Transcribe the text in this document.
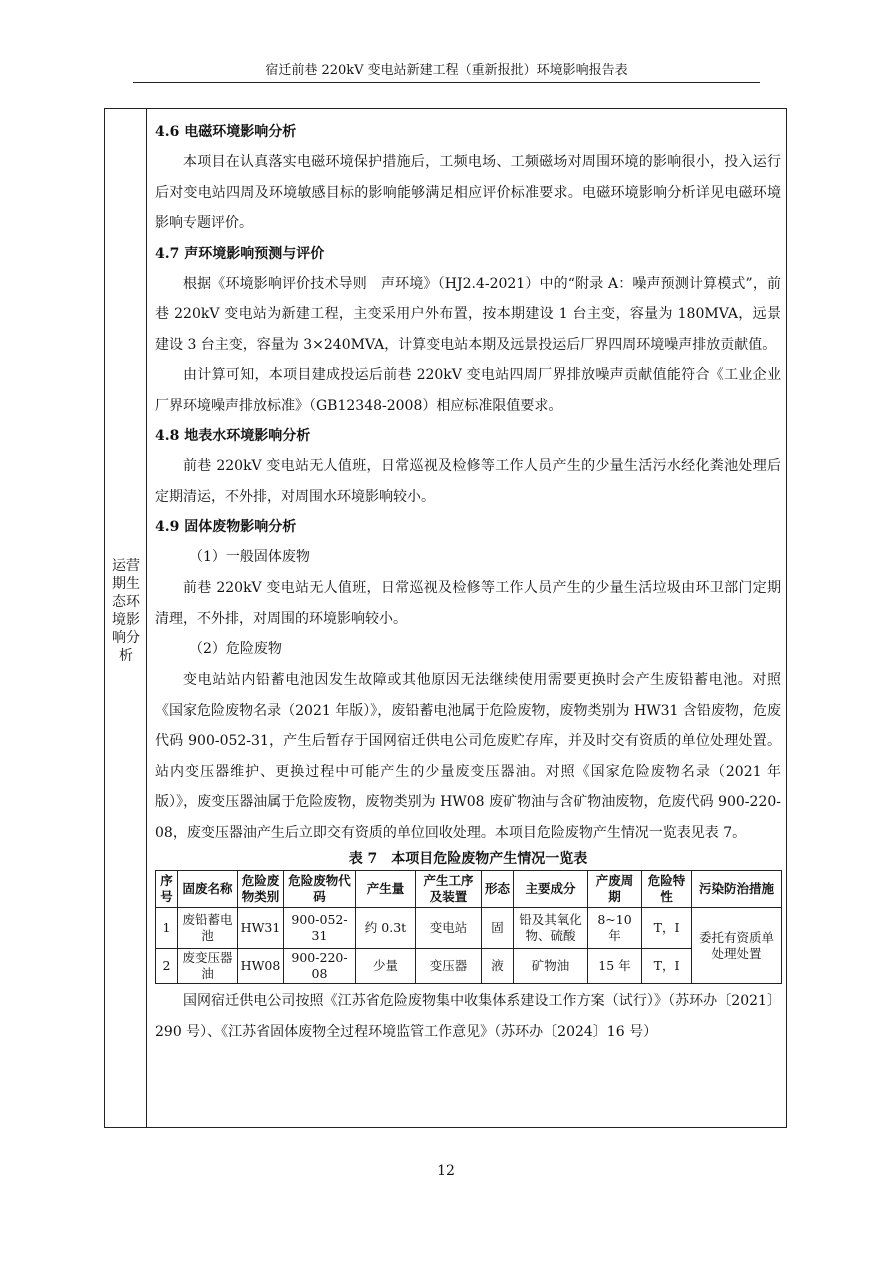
宿迁前巷 220kV 变电站新建工程（重新报批）环境影响报告表
运营期生态环境影响分析
4.6 电磁环境影响分析

本项目在认真落实电磁环境保护措施后，工频电场、工频磁场对周围环境的影响很小，投入运行后对变电站四周及环境敏感目标的影响能够满足相应评价标准要求。电磁环境影响分析详见电磁环境影响专题评价。

4.7 声环境影响预测与评价

根据《环境影响评价技术导则　声环境》（HJ2.4-2021）中的“附录 A：噪声预测计算模式”，前巷 220kV 变电站为新建工程，主变采用户外布置，按本期建设 1 台主变，容量为 180MVA，远景建设 3 台主变，容量为 3×240MVA，计算变电站本期及远景投运后厂界四周环境噪声排放贡献值。

由计算可知，本项目建成投运后前巷 220kV 变电站四周厂界排放噪声贡献值能符合《工业企业厂界环境噪声排放标准》（GB12348-2008）相应标准限值要求。

4.8 地表水环境影响分析

前巷 220kV 变电站无人值班，日常巡视及检修等工作人员产生的少量生活污水经化粪池处理后定期清运，不外排，对周围水环境影响较小。

4.9 固体废物影响分析
（1）一般固体废物

前巷 220kV 变电站无人值班，日常巡视及检修等工作人员产生的少量生活垃圾由环卫部门定期清理，不外排，对周围的环境影响较小。

（2）危险废物

变电站站内铅蓄电池因发生故障或其他原因无法继续使用需要更换时会产生废铅蓄电池。对照《国家危险废物名录（2021 年版）》，废铅蓄电池属于危险废物，废物类别为 HW31 含铅废物，危废代码 900-052-31，产生后暂存于国网宿迁供电公司危废贮存库，并及时交有资质的单位处理处置。站内变压器维护、更换过程中可能产生的少量废变压器油。对照《国家危险废物名录（2021 年版）》，废变压器油属于危险废物，废物类别为 HW08 废矿物油与含矿物油废物，危废代码 900-220-08，废变压器油产生后立即交有资质的单位回收处理。本项目危险废物产生情况一览表见表 7。

表 7　本项目危险废物产生情况一览表
序号	固废名称	危险废物类别	危险废物代码	产生量	产生工序及装置	形态	主要成分	产废周期	危险特性	污染防治措施
1	废铅蓄电池	HW31	900-052-31	约 0.3t	变电站	固	铅及其氧化物、硫酸	8~10 年	T，I	委托有资质单处理处置
2	废变压器油	HW08	900-220-08	少量	变压器	液	矿物油	15 年	T，I	

国网宿迁供电公司按照《江苏省危险废物集中收集体系建设工作方案（试行）》（苏环办〔2021〕290 号）、《江苏省固体废物全过程环境监管工作意见》（苏环办〔2024〕16 号）

12
